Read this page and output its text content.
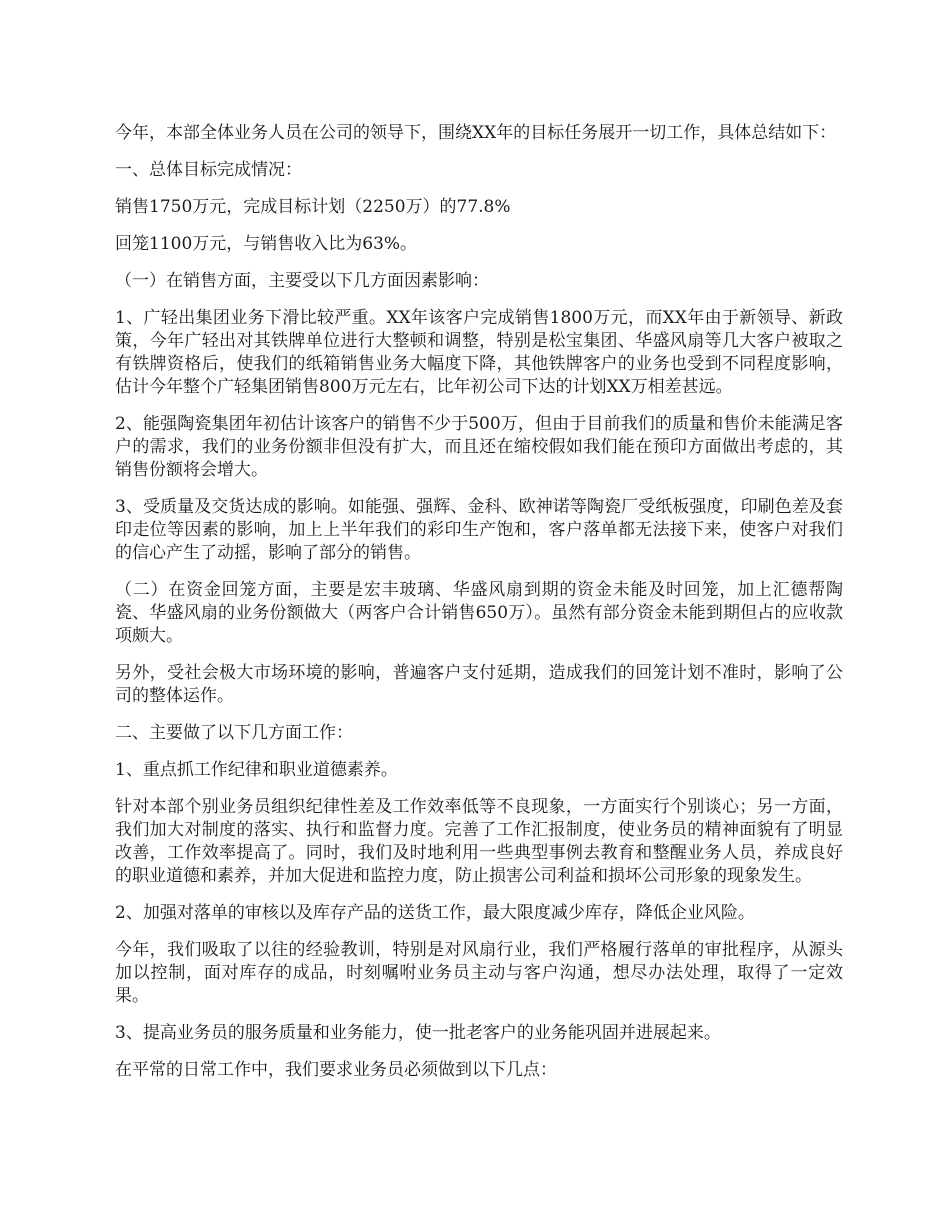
今年，本部全体业务人员在公司的领导下，围绕XX年的目标任务展开一切工作，具体总结如下：

一、总体目标完成情况：

销售1750万元，完成目标计划（2250万）的77.8%

回笼1100万元，与销售收入比为63%。

（一）在销售方面，主要受以下几方面因素影响：

1、广轻出集团业务下滑比较严重。XX年该客户完成销售1800万元，而XX年由于新领导、新政策，今年广轻出对其铁牌单位进行大整顿和调整，特别是松宝集团、华盛风扇等几大客户被取之有铁牌资格后，使我们的纸箱销售业务大幅度下降，其他铁牌客户的业务也受到不同程度影响，估计今年整个广轻集团销售800万元左右，比年初公司下达的计划XX万相差甚远。

2、能强陶瓷集团年初估计该客户的销售不少于500万，但由于目前我们的质量和售价未能满足客户的需求，我们的业务份额非但没有扩大，而且还在缩校假如我们能在预印方面做出考虑的，其销售份额将会增大。

3、受质量及交货达成的影响。如能强、强辉、金科、欧神诺等陶瓷厂受纸板强度，印刷色差及套印走位等因素的影响，加上上半年我们的彩印生产饱和，客户落单都无法接下来，使客户对我们的信心产生了动摇，影响了部分的销售。

（二）在资金回笼方面，主要是宏丰玻璃、华盛风扇到期的资金未能及时回笼，加上汇德帮陶瓷、华盛风扇的业务份额做大（两客户合计销售650万）。虽然有部分资金未能到期但占的应收款项颇大。

另外，受社会极大市场环境的影响，普遍客户支付延期，造成我们的回笼计划不准时，影响了公司的整体运作。

二、主要做了以下几方面工作：

1、重点抓工作纪律和职业道德素养。

针对本部个别业务员组织纪律性差及工作效率低等不良现象，一方面实行个别谈心；另一方面，我们加大对制度的落实、执行和监督力度。完善了工作汇报制度，使业务员的精神面貌有了明显改善，工作效率提高了。同时，我们及时地利用一些典型事例去教育和整醒业务人员，养成良好的职业道德和素养，并加大促进和监控力度，防止损害公司利益和损坏公司形象的现象发生。

2、加强对落单的审核以及库存产品的送货工作，最大限度减少库存，降低企业风险。

今年，我们吸取了以往的经验教训，特别是对风扇行业，我们严格履行落单的审批程序，从源头加以控制，面对库存的成品，时刻嘱咐业务员主动与客户沟通，想尽办法处理，取得了一定效果。

3、提高业务员的服务质量和业务能力，使一批老客户的业务能巩固并进展起来。

在平常的日常工作中，我们要求业务员必须做到以下几点：
